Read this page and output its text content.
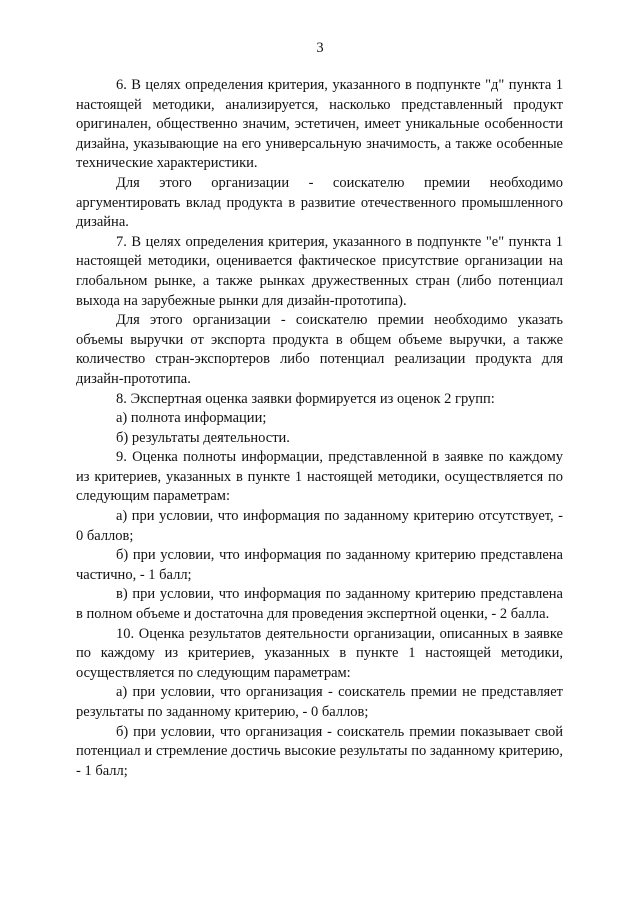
3

6. В целях определения критерия, указанного в подпункте "д" пункта 1 настоящей методики, анализируется, насколько представленный продукт оригинален, общественно значим, эстетичен, имеет уникальные особенности дизайна, указывающие на его универсальную значимость, а также особенные технические характеристики.

Для этого организации - соискателю премии необходимо аргументировать вклад продукта в развитие отечественного промышленного дизайна.

7. В целях определения критерия, указанного в подпункте "е" пункта 1 настоящей методики, оценивается фактическое присутствие организации на глобальном рынке, а также рынках дружественных стран (либо потенциал выхода на зарубежные рынки для дизайн-прототипа).

Для этого организации - соискателю премии необходимо указать объемы выручки от экспорта продукта в общем объеме выручки, а также количество стран-экспортеров либо потенциал реализации продукта для дизайн-прототипа.

8. Экспертная оценка заявки формируется из оценок 2 групп:

а) полнота информации;

б) результаты деятельности.

9. Оценка полноты информации, представленной в заявке по каждому из критериев, указанных в пункте 1 настоящей методики, осуществляется по следующим параметрам:

а) при условии, что информация по заданному критерию отсутствует, - 0 баллов;

б) при условии, что информация по заданному критерию представлена частично, - 1 балл;

в) при условии, что информация по заданному критерию представлена в полном объеме и достаточна для проведения экспертной оценки, - 2 балла.

10. Оценка результатов деятельности организации, описанных в заявке по каждому из критериев, указанных в пункте 1 настоящей методики, осуществляется по следующим параметрам:

а) при условии, что организация - соискатель премии не представляет результаты по заданному критерию, - 0 баллов;

б) при условии, что организация - соискатель премии показывает свой потенциал и стремление достичь высокие результаты по заданному критерию, - 1 балл;
